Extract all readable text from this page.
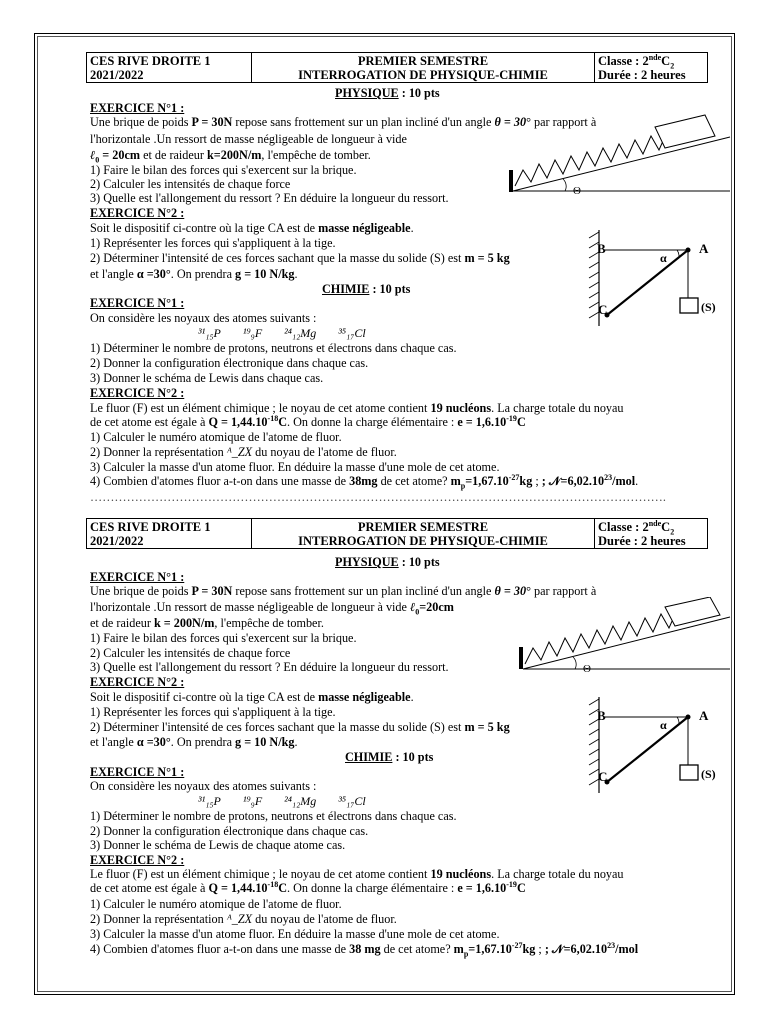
CES RIVE DROITE 1
2021/2022
PREMIER SEMESTRE
INTERROGATION DE PHYSIQUE-CHIMIE
Classe : $2ndeC_2$
Durée : 2 heures
PHYSIQUE : 10 pts
EXERCICE N°1 :
Une brique de poids P = 30N repose sans frottement sur un plan incliné d'un angle θ = 30° par rapport à
l'horizontale .Un ressort de masse négligeable de longueur à vide
ℓ$_0$ = 20cm et de raideur k=200N/m, l'empêche de tomber.
1) Faire le bilan des forces qui s'exercent sur la brique.
2) Calculer les intensités de chaque force
3) Quelle est l'allongement du ressort ? En déduire la longueur du ressort.
EXERCICE N°2 :
Soit le dispositif ci-contre où la tige CA est de masse négligeable.
1) Représenter les forces qui s'appliquent à la tige.
2) Déterminer l'intensité de ces forces sachant que la masse du solide (S) est m = 5 kg
et l'angle α =30°. On prendra g = 10 N/kg.
CHIMIE : 10 pts
EXERCICE N°1 :
On considère les noyaux des atomes suivants :
³¹₁₅P ¹⁹₉F ²⁴₁₂Mg ³⁵₁₇Cl
1) Déterminer le nombre de protons, neutrons et électrons dans chaque cas.
2) Donner la configuration électronique dans chaque cas.
3) Donner le schéma de Lewis dans chaque cas.
EXERCICE N°2 :
Le fluor (F) est un élément chimique ; le noyau de cet atome contient 19 nucléons. La charge totale du noyau
de cet atome est égale à $Q = 1,44.10^{-18}C$. On donne la charge élémentaire : $e = 1,6.10^{-19}C$
1) Calculer le numéro atomique de l'atome de fluor.
2) Donner la représentation ᴬ_ZX du noyau de l'atome de fluor.
3) Calculer la masse d'un atome fluor. En déduire la masse d'une mole de cet atome.
4) Combien d'atomes fluor a-t-on dans une masse de 38mg de cet atome? $m_p=1,67.10^{-27}kg$ ; ; $𝒩=6,02.10^{23}$/mol.
…………………………………………………………………………………………………………………………….
Θ
B	A
C
α
(S)
CES RIVE DROITE 1
2021/2022
PREMIER SEMESTRE
INTERROGATION DE PHYSIQUE-CHIMIE
Classe : $2ndeC_2$
Durée : 2 heures
PHYSIQUE : 10 pts
EXERCICE N°1 :
Une brique de poids P = 30N repose sans frottement sur un plan incliné d'un angle θ = 30° par rapport à
l'horizontale .Un ressort de masse négligeable de longueur à vide ℓ$_0$=20cm
et de raideur k = 200N/m, l'empêche de tomber.
1) Faire le bilan des forces qui s'exercent sur la brique.
2) Calculer les intensités de chaque force
3) Quelle est l'allongement du ressort ? En déduire la longueur du ressort.
EXERCICE N°2 :
Soit le dispositif ci-contre où la tige CA est de masse négligeable.
1) Représenter les forces qui s'appliquent à la tige.
2) Déterminer l'intensité de ces forces sachant que la masse du solide (S) est m = 5 kg
et l'angle α =30°. On prendra g = 10 N/kg.
CHIMIE : 10 pts
EXERCICE N°1 :
On considère les noyaux des atomes suivants :
³¹₁₅P ¹⁹₉F ²⁴₁₂Mg ³⁵₁₇Cl
1) Déterminer le nombre de protons, neutrons et électrons dans chaque cas.
2) Donner la configuration électronique dans chaque cas.
3) Donner le schéma de Lewis de chaque atome cas.
EXERCICE N°2 :
Le fluor (F) est un élément chimique ; le noyau de cet atome contient 19 nucléons. La charge totale du noyau
de cet atome est égale à $Q = 1,44.10^{-18}C$. On donne la charge élémentaire : $e = 1,6.10^{-19}C$
1) Calculer le numéro atomique de l'atome de fluor.
2) Donner la représentation ᴬ_ZX du noyau de l'atome de fluor.
3) Calculer la masse d'un atome fluor. En déduire la masse d'une mole de cet atome.
4) Combien d'atomes fluor a-t-on dans une masse de 38 mg de cet atome? $m_p=1,67.10^{-27}kg$ ; ; $𝒩=6,02.10^{23}$/mol
Θ
B	A
C
α
(S)
